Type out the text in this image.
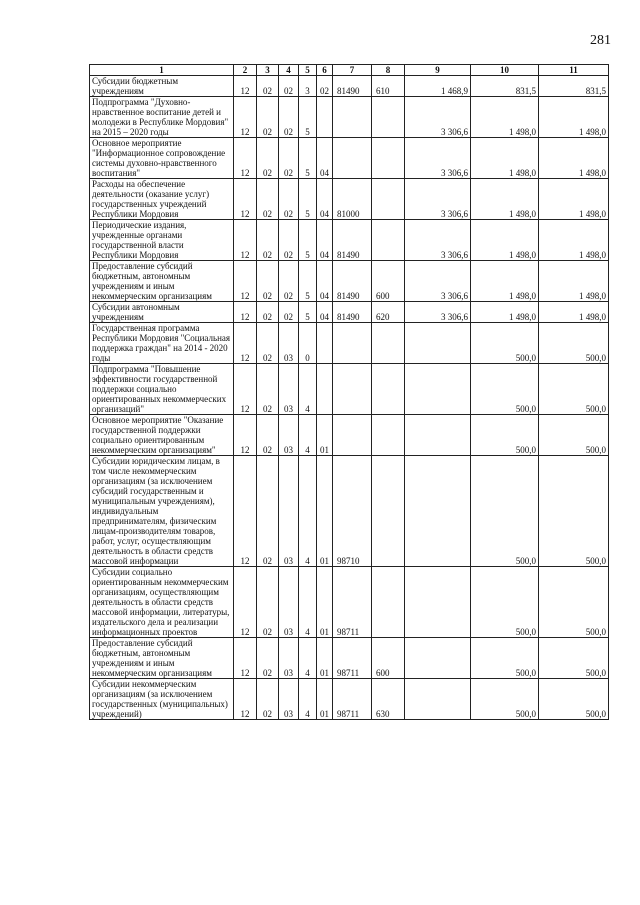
281
1	2	3	4	5	6	7	8	9	10	11
Субсидии бюджетным учреждениям	12	02	02	3	02	81490	610	1 468,9	831,5	831,5
Подпрограмма "Духовно-нравственное воспитание детей и молодежи в Республике Мордовия" на 2015 – 2020 годы	12	02	02	5				3 306,6	1 498,0	1 498,0
Основное мероприятие "Информационное сопровождение системы духовно-нравственного воспитания"	12	02	02	5	04			3 306,6	1 498,0	1 498,0
Расходы на обеспечение деятельности (оказание услуг) государственных учреждений Республики Мордовия	12	02	02	5	04	81000		3 306,6	1 498,0	1 498,0
Периодические издания, учрежденные органами государственной власти Республики Мордовия	12	02	02	5	04	81490		3 306,6	1 498,0	1 498,0
Предоставление субсидий бюджетным, автономным учреждениям и иным некоммерческим организациям	12	02	02	5	04	81490	600	3 306,6	1 498,0	1 498,0
Субсидии автономным учреждениям	12	02	02	5	04	81490	620	3 306,6	1 498,0	1 498,0
Государственная программа Республики Мордовия "Социальная поддержка граждан" на 2014 - 2020 годы	12	02	03	0					500,0	500,0
Подпрограмма "Повышение эффективности государственной поддержки социально ориентированных некоммерческих организаций"	12	02	03	4					500,0	500,0
Основное мероприятие "Оказание государственной поддержки социально ориентированным некоммерческим организациям"	12	02	03	4	01				500,0	500,0
Субсидии юридическим лицам, в том числе некоммерческим организациям (за исключением субсидий государственным и муниципальным учреждениям), индивидуальным предпринимателям, физическим лицам-производителям товаров, работ, услуг, осуществляющим деятельность в области средств массовой информации	12	02	03	4	01	98710			500,0	500,0
Субсидии социально ориентированным некоммерческим организациям, осуществляющим деятельность в области средств массовой информации, литературы, издательского дела и реализации информационных проектов	12	02	03	4	01	98711			500,0	500,0
Предоставление субсидий бюджетным, автономным учреждениям и иным некоммерческим организациям	12	02	03	4	01	98711	600		500,0	500,0
Субсидии некоммерческим организациям (за исключением государственных (муниципальных) учреждений)	12	02	03	4	01	98711	630		500,0	500,0
